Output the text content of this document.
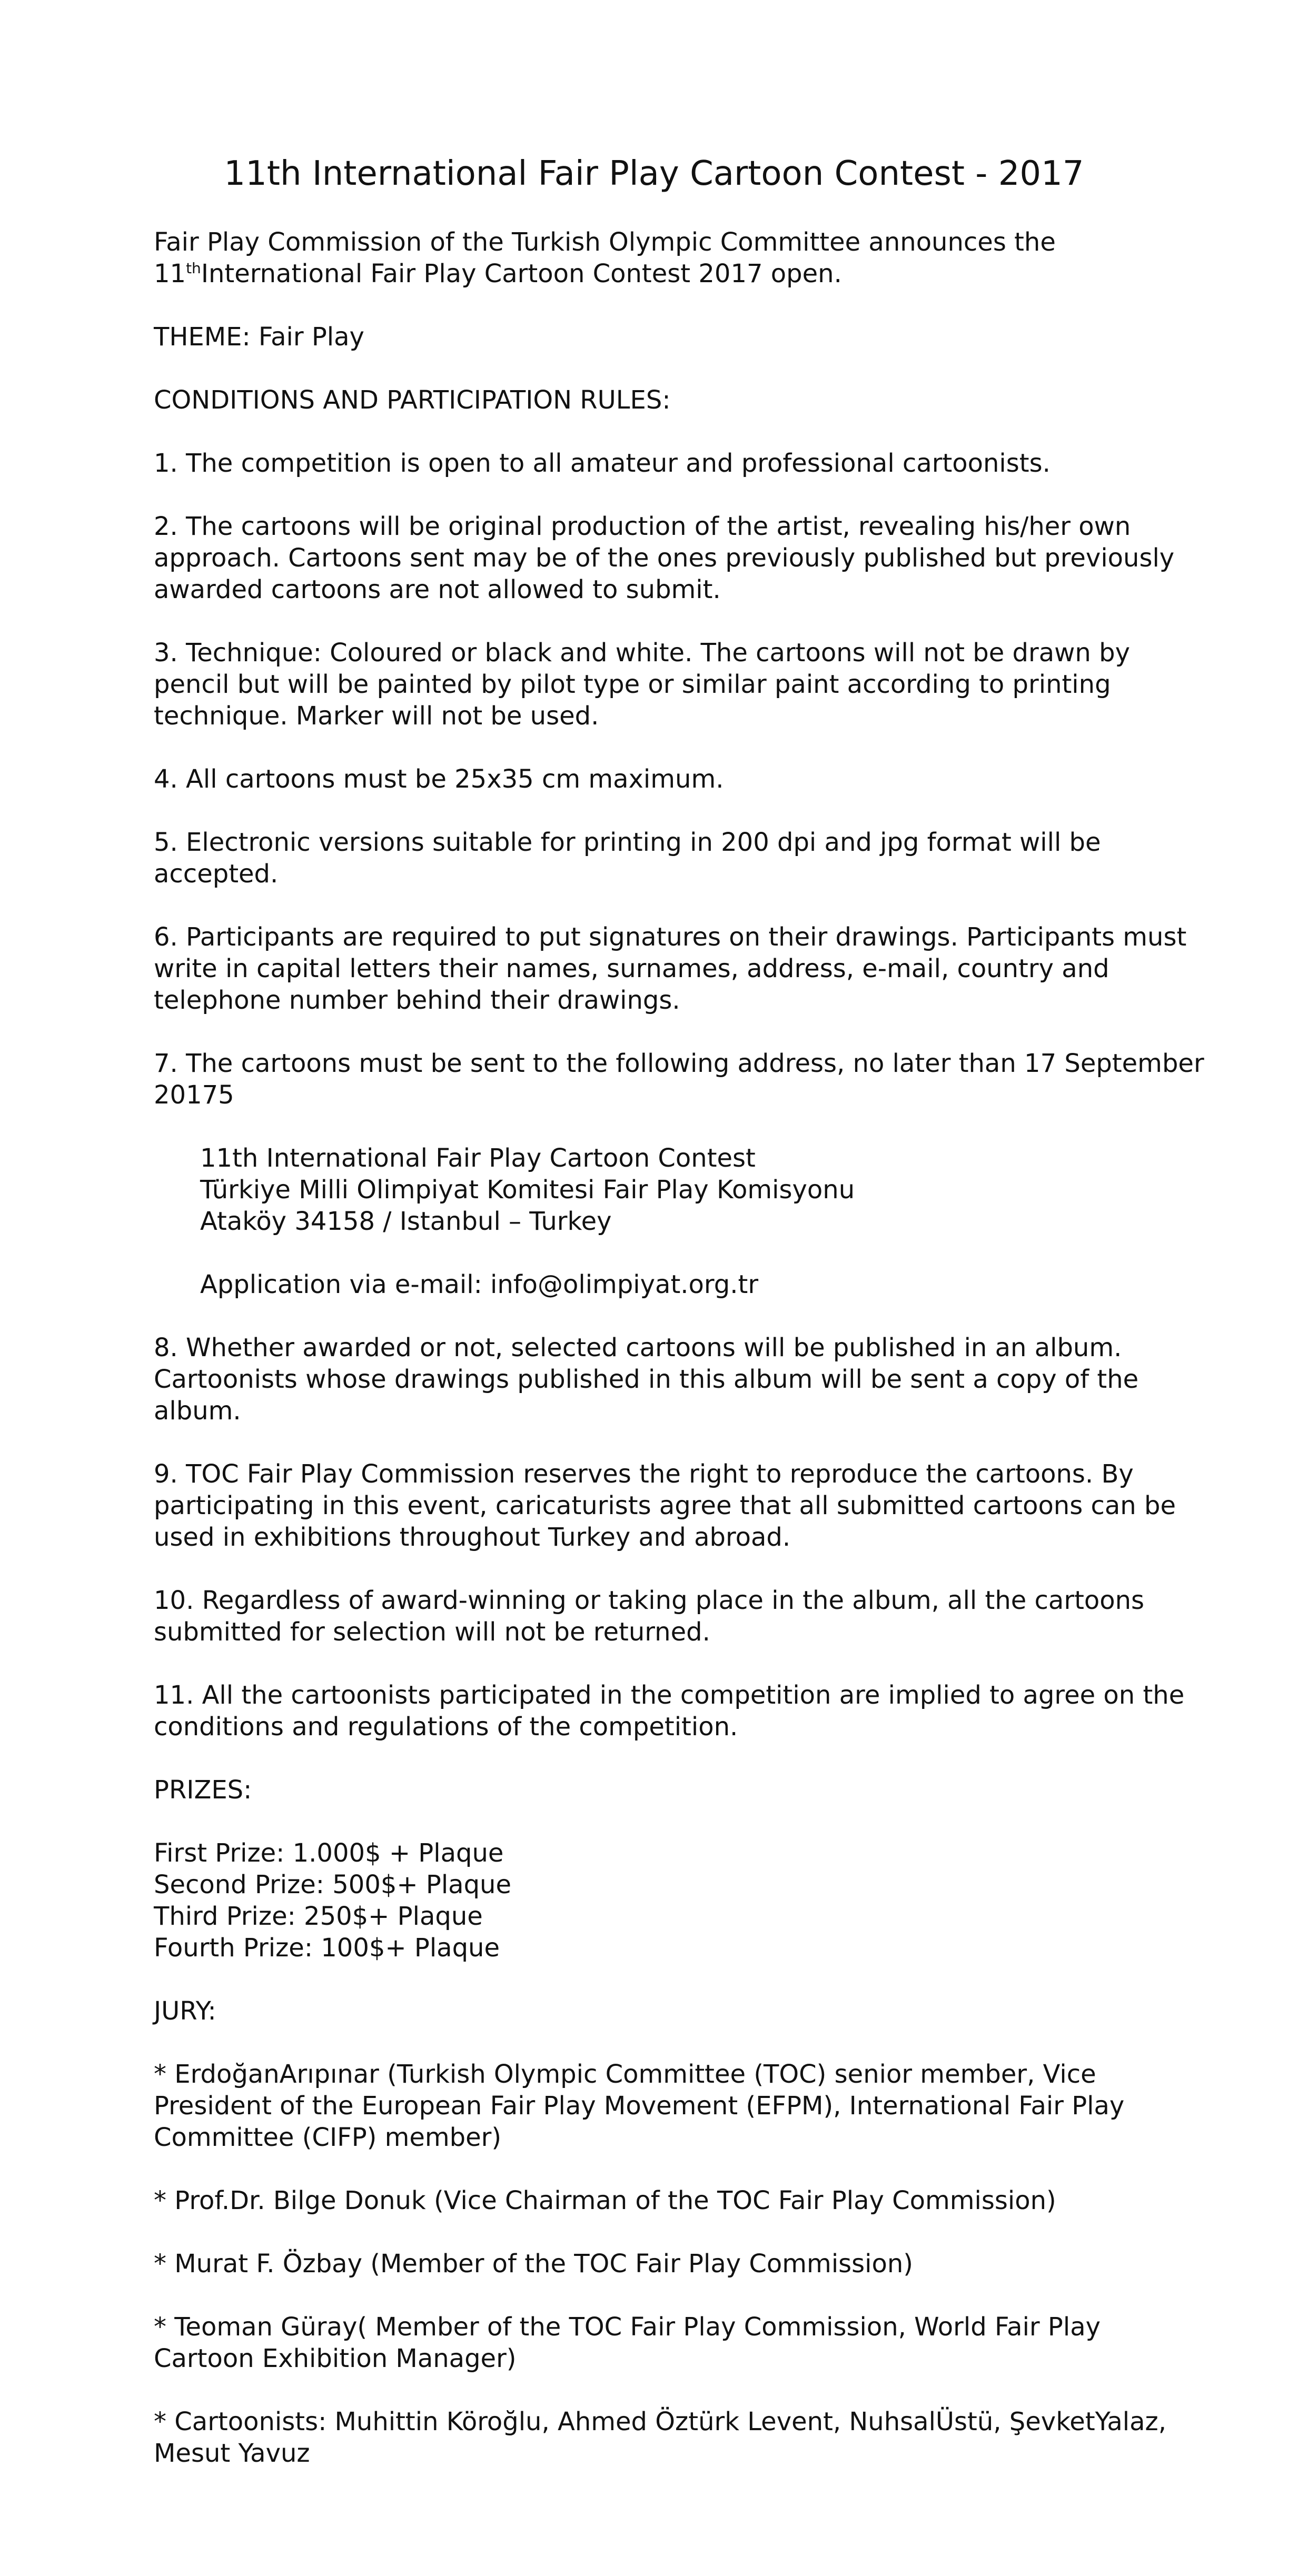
11th International Fair Play Cartoon Contest - 2017

Fair Play Commission of the Turkish Olympic Committee announces the
11thInternational Fair Play Cartoon Contest 2017 open.

THEME: Fair Play

CONDITIONS AND PARTICIPATION RULES:

1. The competition is open to all amateur and professional cartoonists.

2. The cartoons will be original production of the artist, revealing his/her own approach. Cartoons sent may be of the ones previously published but previously awarded cartoons are not allowed to submit.

3. Technique: Coloured or black and white. The cartoons will not be drawn by pencil but will be painted by pilot type or similar paint according to printing technique. Marker will not be used.

4. All cartoons must be 25x35 cm maximum.

5. Electronic versions suitable for printing in 200 dpi and jpg format will be accepted.

6. Participants are required to put signatures on their drawings. Participants must write in capital letters their names, surnames, address, e-mail, country and telephone number behind their drawings.

7. The cartoons must be sent to the following address, no later than 17 September 20175

11th International Fair Play Cartoon Contest
Türkiye Milli Olimpiyat Komitesi Fair Play Komisyonu
Ataköy 34158 / Istanbul – Turkey

Application via e-mail: info@olimpiyat.org.tr

8. Whether awarded or not, selected cartoons will be published in an album. Cartoonists whose drawings published in this album will be sent a copy of the album.

9. TOC Fair Play Commission reserves the right to reproduce the cartoons. By participating in this event, caricaturists agree that all submitted cartoons can be used in exhibitions throughout Turkey and abroad.

10. Regardless of award-winning or taking place in the album, all the cartoons submitted for selection will not be returned.

11. All the cartoonists participated in the competition are implied to agree on the conditions and regulations of the competition.

PRIZES:

First Prize: 1.000$ + Plaque
Second Prize: 500$+ Plaque
Third Prize: 250$+ Plaque
Fourth Prize: 100$+ Plaque

JURY:

* ErdoğanArıpınar (Turkish Olympic Committee (TOC) senior member, Vice President of the European Fair Play Movement (EFPM), International Fair Play Committee (CIFP) member)

* Prof.Dr. Bilge Donuk (Vice Chairman of the TOC Fair Play Commission)

* Murat F. Özbay (Member of the TOC Fair Play Commission)

* Teoman Güray( Member of the TOC Fair Play Commission, World Fair Play Cartoon Exhibition Manager)

* Cartoonists: Muhittin Köroğlu, Ahmed Öztürk Levent, NuhsalÜstü, ŞevketYalaz, Mesut Yavuz
